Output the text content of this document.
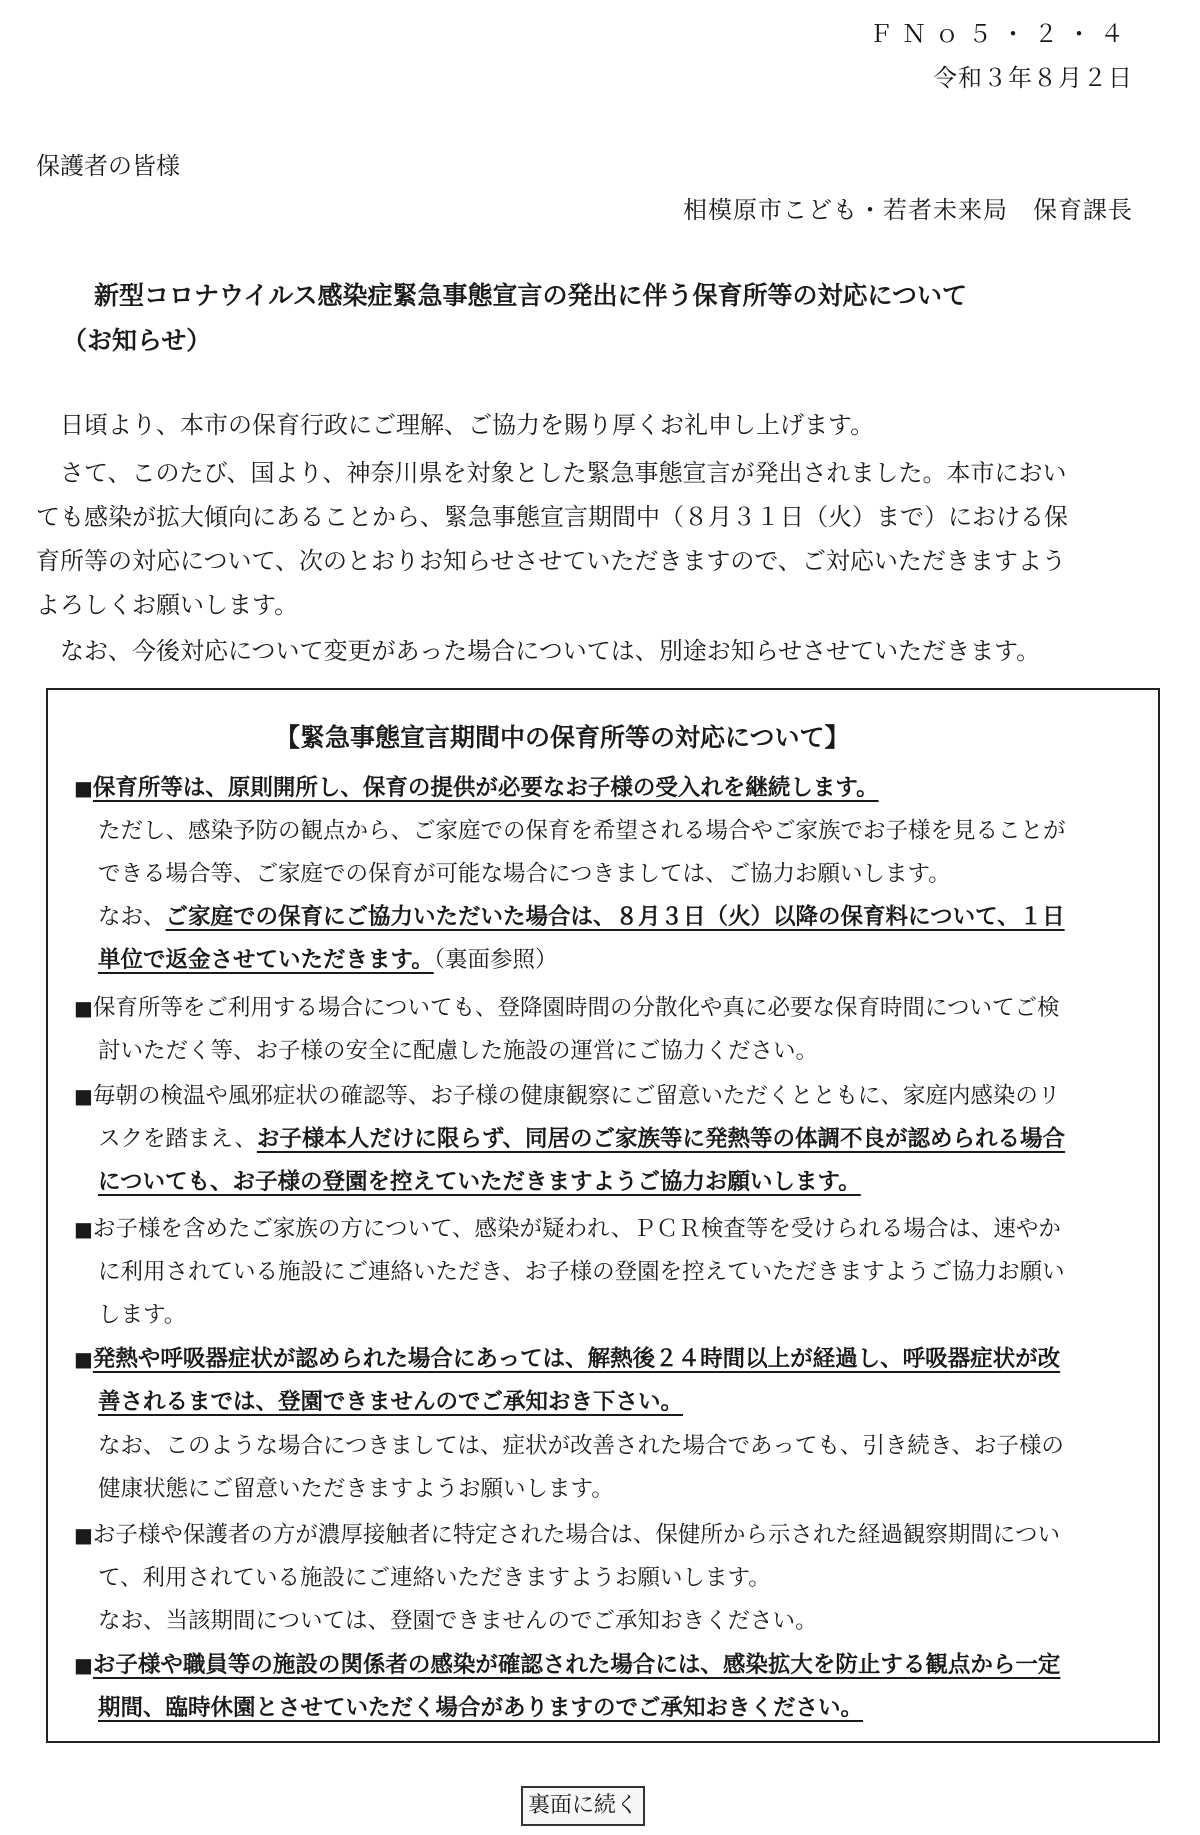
ＦＮｏ５・２・４
令和３年８月２日
保護者の皆様
相模原市こども・若者未来局　保育課長
新型コロナウイルス感染症緊急事態宣言の発出に伴う保育所等の対応について
（お知らせ）
日頃より、本市の保育行政にご理解、ご協力を賜り厚くお礼申し上げます。
さて、このたび、国より、神奈川県を対象とした緊急事態宣言が発出されました。本市におい
ても感染が拡大傾向にあることから、緊急事態宣言期間中（８月３１日（火）まで）における保
育所等の対応について、次のとおりお知らせさせていただきますので、ご対応いただきますよう
よろしくお願いします。
なお、今後対応について変更があった場合については、別途お知らせさせていただきます。
【緊急事態宣言期間中の保育所等の対応について】
■保育所等は、原則開所し、保育の提供が必要なお子様の受入れを継続します。
ただし、感染予防の観点から、ご家庭での保育を希望される場合やご家族でお子様を見ることが
できる場合等、ご家庭での保育が可能な場合につきましては、ご協力お願いします。
なお、ご家庭での保育にご協力いただいた場合は、８月３日（火）以降の保育料について、１日
単位で返金させていただきます。（裏面参照）
■保育所等をご利用する場合についても、登降園時間の分散化や真に必要な保育時間についてご検
討いただく等、お子様の安全に配慮した施設の運営にご協力ください。
■毎朝の検温や風邪症状の確認等、お子様の健康観察にご留意いただくとともに、家庭内感染のリ
スクを踏まえ、お子様本人だけに限らず、同居のご家族等に発熱等の体調不良が認められる場合
についても、お子様の登園を控えていただきますようご協力お願いします。
■お子様を含めたご家族の方について、感染が疑われ、ＰＣＲ検査等を受けられる場合は、速やか
に利用されている施設にご連絡いただき、お子様の登園を控えていただきますようご協力お願い
します。
■発熱や呼吸器症状が認められた場合にあっては、解熱後２４時間以上が経過し、呼吸器症状が改
善されるまでは、登園できませんのでご承知おき下さい。
なお、このような場合につきましては、症状が改善された場合であっても、引き続き、お子様の
健康状態にご留意いただきますようお願いします。
■お子様や保護者の方が濃厚接触者に特定された場合は、保健所から示された経過観察期間につい
て、利用されている施設にご連絡いただきますようお願いします。
なお、当該期間については、登園できませんのでご承知おきください。
■お子様や職員等の施設の関係者の感染が確認された場合には、感染拡大を防止する観点から一定
期間、臨時休園とさせていただく場合がありますのでご承知おきください。
裏面に続く
